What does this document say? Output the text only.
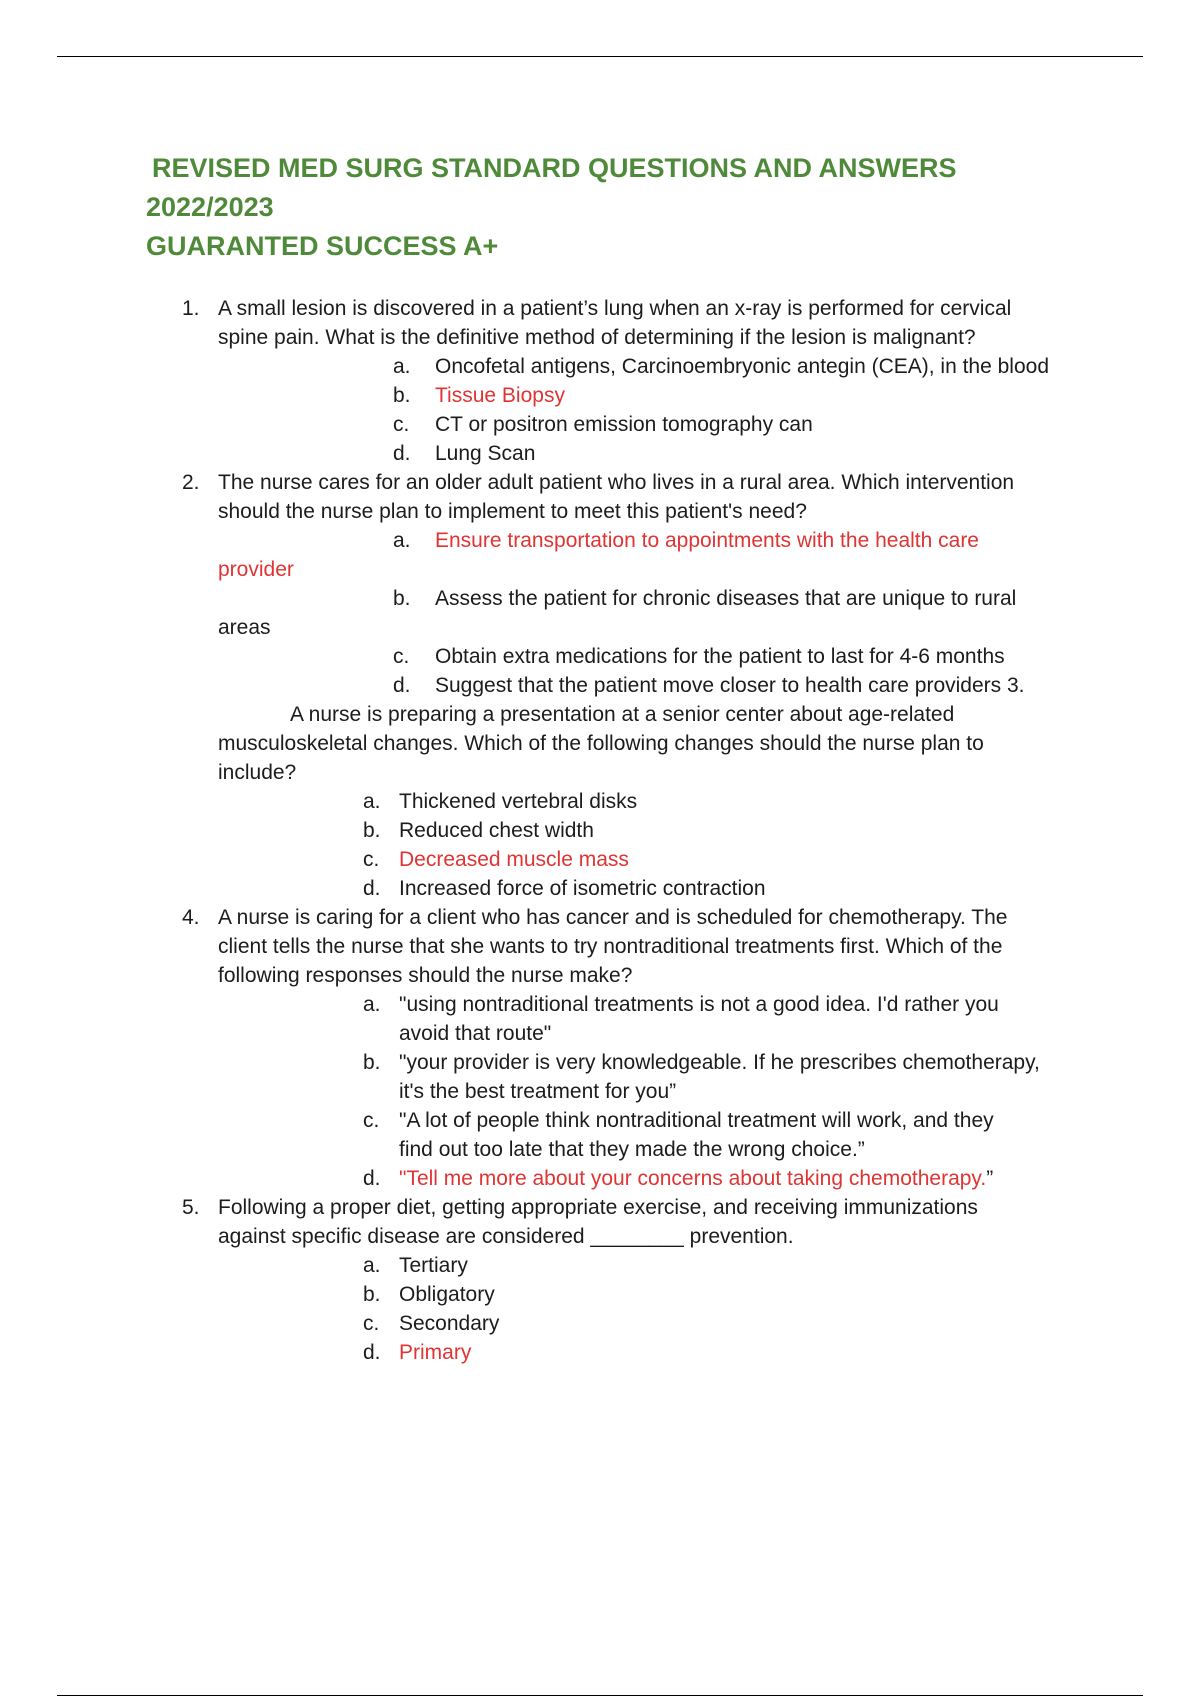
REVISED MED SURG STANDARD QUESTIONS AND ANSWERS
2022/2023
GUARANTED SUCCESS A+
1. A small lesion is discovered in a patient’s lung when an x-ray is performed for cervical
spine pain. What is the definitive method of determining if the lesion is malignant?
a.	Oncofetal antigens, Carcinoembryonic antegin (CEA), in the blood
b.	Tissue Biopsy
c.	CT or positron emission tomography can
d.	Lung Scan
2. The nurse cares for an older adult patient who lives in a rural area. Which intervention
should the nurse plan to implement to meet this patient's need?
a.	Ensure transportation to appointments with the health care
provider
b.	Assess the patient for chronic diseases that are unique to rural
areas
c.	Obtain extra medications for the patient to last for 4-6 months
d.	Suggest that the patient move closer to health care providers 3.
A nurse is preparing a presentation at a senior center about age-related
musculoskeletal changes. Which of the following changes should the nurse plan to
include?
a. Thickened vertebral disks
b. Reduced chest width
c. Decreased muscle mass
d. Increased force of isometric contraction
4. A nurse is caring for a client who has cancer and is scheduled for chemotherapy. The
client tells the nurse that she wants to try nontraditional treatments first. Which of the
following responses should the nurse make?
a. "using nontraditional treatments is not a good idea. I'd rather you
avoid that route"
b. "your provider is very knowledgeable. If he prescribes chemotherapy,
it's the best treatment for you”
c. "A lot of people think nontraditional treatment will work, and they
find out too late that they made the wrong choice.”
d. "Tell me more about your concerns about taking chemotherapy.”
5. Following a proper diet, getting appropriate exercise, and receiving immunizations
against specific disease are considered ________ prevention.
a. Tertiary
b. Obligatory
c. Secondary
d. Primary
